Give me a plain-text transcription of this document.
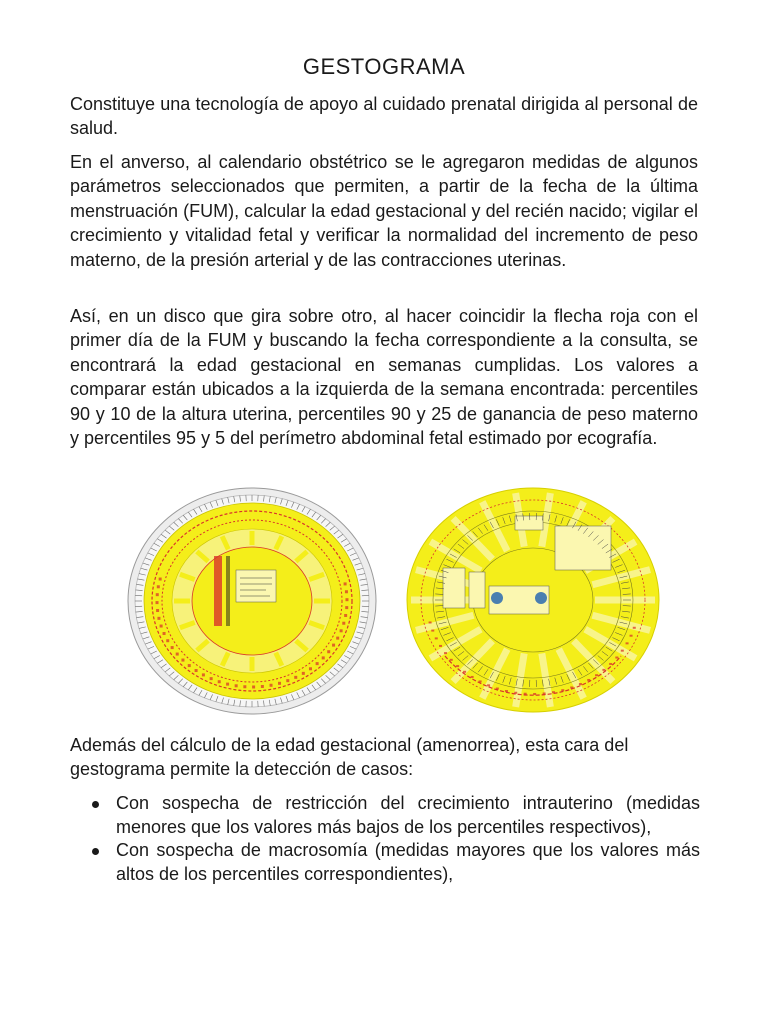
GESTOGRAMA

Constituye una tecnología de apoyo al cuidado prenatal dirigida al personal de salud.

En el anverso, al calendario obstétrico se le agregaron medidas de algunos parámetros seleccionados que permiten, a partir de la fecha de la última menstruación (FUM), calcular la edad gestacional y del recién nacido; vigilar el crecimiento y vitalidad fetal y verificar la normalidad del incremento de peso materno, de la presión arterial y de las contracciones uterinas.

Así, en un disco que gira sobre otro, al hacer coincidir la flecha roja con el primer día de la FUM y buscando la fecha correspondiente a la consulta, se encontrará la edad gestacional en semanas cumplidas. Los valores a comparar están ubicados a la izquierda de la semana encontrada: percentiles 90 y 10 de la altura uterina, percentiles 90 y 25 de ganancia de peso materno y percentiles 95 y 5 del perímetro abdominal fetal estimado por ecografía.

Además del cálculo de la edad gestacional (amenorrea), esta cara del gestograma permite la detección de casos:

Con sospecha de restricción del crecimiento intrauterino (medidas menores que los valores más bajos de los percentiles respectivos),
Con sospecha de macrosomía (medidas mayores que los valores más altos de los percentiles correspondientes),
